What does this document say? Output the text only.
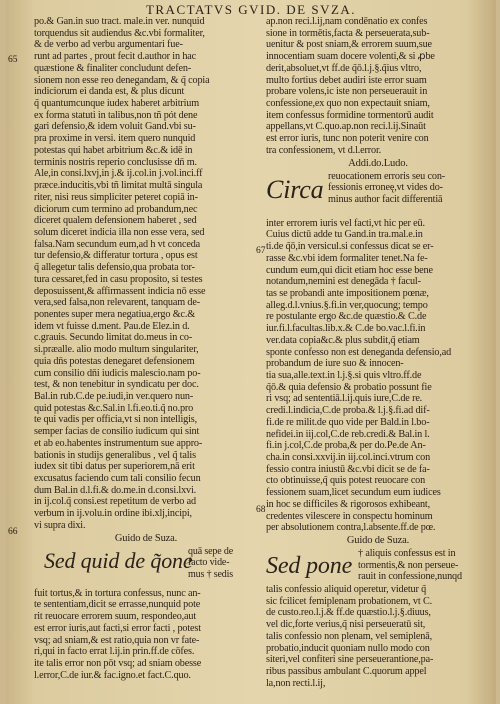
TRACTATVS GVID. DE SVZA.
65
66
67
68
po.& Gan.in suo tract. male.in ver. nunquid
torquendus sit audiendus &c.vbi formaliter,
& de verbo ad verbu argumentari fue-
runt ad partes , prout fecit d.author in hac
quæstione & finaliter concludunt defen-
sionem non esse reo denegandam, & q̃ copia
indiciorum ei danda est, & plus dicunt
q̃ quantumcunque iudex haberet arbitrium
ex forma statuti in talibus,non tñ pót dene
gari defensio,& idem voluit Gand.vbi su-
pra proxime in versi. item quero nunquid
potestas qui habet arbitrium &c.& idē in
terminis nostris reperio conclusisse dn̄ m.
Ale,in consi.lxvj,in j.& ij.col.in j.vol.inci.ff
præce.inducitis,vbi tñ limitat multā singula
riter, nisi reus simpliciter peteret copiā in-
diciorum cum termino ad probandum,nec
diceret qualem defensionem haberet , sed
solum diceret indicia illa non esse vera, sed
falsa.Nam secundum eum,ad h vt conceda
tur defensio,& differatur tortura , opus est
q̃ allegetur talis defensio,qua probata tor-
tura cessaret,fed in casu proposito, si testes
deposuissent,& affirmassent indicia nō esse
vera,sed falsa,non relevarent, tanquam de-
ponentes super mera negatiua,ergo &c.&
idem vt fuisse d.ment. Pau.de Elez.in d.
c.grauis. Secundo limitat do.meus in co-
si.præalle. alio modo multum singulariter,
quia dn̄s potestas denegaret defensionem
cum consilio dn̄i iudicis malescio.nam po-
test, & non tenebitur in syndicatu per doc.
Bal.in rub.C.de pe.iudi,in ver.quero nun-
quid potestas &c.Sal.in l.fi.eo.ti.q̃ no.pro
te qui vadis per officia,vt si non intelligis,
semper facias de consilio iudicum qui sint
et ab eo.habentes instrumentum sue appro-
bationis in studijs generalibus , vel q̃ talis
iudex sit tibi datus per superiorem,nā erit
excusatus faciendo cum tali consilio fecun
dum Bal.in d.l.fi.& do.me.in d.consi.lxvi.
in ij.col.q̃ consi.est repetitum de verbo ad
verbum in ij.volu.in ordine ibi.xlj,incipi,
vi supra dixi.
Guido de Suza.
Sed quid de q̃one
quā sepe de
facto vide-
mus † sedis
fuit tortus,& in tortura confessus, nunc an-
te sententiam,dicit se errasse,nunquid pote
rit reuocare errorem suum, respondeo,aut
est error iuris,aut facti,si error facti , potest
vsq; ad sniam,& est ratio,quia non vr fate-
ri,qui in facto errat l.ij.in prin.ff.de cōfes.
ite talis error non pōt vsq; ad sniam obesse
l.error,C.de iur.& fac.igno.et fact.C.quo.
ap.non reci.l.ij,nam condēnatio ex confes
sione in tormētis,facta & perseuerata,sub-
uenitur & post sniam,& errorem suum,sue
innocentiam suam docere volenti,& si ꝓbe
derit,absoluet,vt ff.de q̃ō.l.j.§.q̃ius vltro,
multo fortius debet audiri iste error suam
probare volens,ic iste non perseuerauit in
confessione,ex quo non expectauit sniam,
item confessus formidine tormentorū audit
appellans,vt C.quo.ap.non reci.l.ij.Sinaūt
est error iuris, tunc non poterit venire con
tra confessionem, vt d.l.error.
Addi.do.Ludo.
Circa reuocationem erroris seu con-
fessionis erroneę,vt vides do-
minus author facit differentiā
inter errorem iuris vel facti,vt hic per eū.
Cuius dictū adde tu Gand.in tra.mal.e.in
ti.de q̃ō,in versicul.si confessus dicat se er-
rasse &c.vbi idem formaliter tenet.Na fe-
cundum eum,qui dicit etiam hoc esse bene
notandum,nemini est denegāda † facul-
tas se probandi ante impositionem pœnæ,
alleg.d.l.vnius.§.fi.in ver,quocung; tempo
re postulante ergo &c.de quæstio.& C.de
iur.fi.l.facultas.lib.x.& C.de bo.vac.l.fi.in
ver.data copia&c.& plus subdit,q̃ etiam
sponte confesso non est deneganda defensio,ad
probandum de iure suo & innocen-
tia sua,alle.text.in l.j.§.si quis vltro.ff.de
q̃ō.& quia defensio & probatio possunt fie
ri vsq; ad sententiā.l.ij.quis iure,C.de re.
credi.l.indicia,C.de proba.& l.j.§.fi.ad dif-
fi.de re milit.de quo vide per Bald.in l.bo-
nefidei.in iij.col,C.de reb.credi.& Bal.in l.
fi.in j.col,C.de proba,& per do.Pe.de An-
cha.in consi.xxvij.in iij.col.inci.vtrum con
fessio contra iniustū &c.vbi dicit se de fa-
cto obtinuisse,q̃ quis potest reuocare con
fessionem suam,licet secundum eum iudices
in hoc se difficiles & rigorosos exhibeant,
credentes vilescere in conspectu hominum
per absolutionem contra,l.absente.ff.de pœ.
Guido de Suza.
Sed pone † aliquis confessus est in
tormentis,& non perseue-
rauit in confessione,nunqd
talis confessio aliquid operetur, videtur q̃
sic fcilicet femiplenam probationem, vt C.
de custo.reo.l.j.& ff.de quæstio.l.j.§.diuus,
vel dic,forte verius,q̃ nisi perseueratū sit,
talis confessio non plenam, vel semiplenā,
probatio,inducit quoniam nullo modo con
siteri,vel confiteri sine perseuerantione,pa-
ribus passibus ambulant C.quorum appel
la,non recti.l.ij,
